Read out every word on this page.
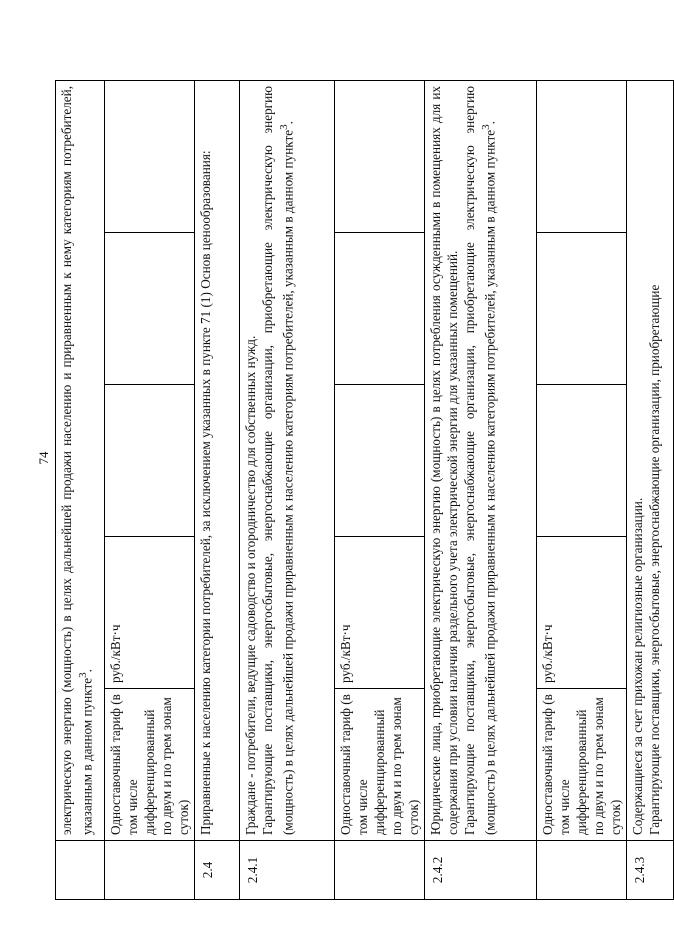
74
	электрическую энергию (мощность) в целях дальнейшей продажи населению и приравненным к нему категориям потребителей, указанным в данном пункте$^3$.				
	Одноставочный тариф (в том числе дифференцированный по двум и по трем зонам суток)	руб./кВт·ч			
2.4	Приравненные к населению категории потребителей, за исключением указанных в пункте 71 (1) Основ ценообразования:				
2.4.1	Граждане - потребители, ведущие садоводство и огородничество для собственных нужд. Гарантирующие поставщики, энергосбытовые, энергоснабжающие организации, приобретающие электрическую энергию (мощность) в целях дальнейшей продажи приравненным к населению категориям потребителей, указанным в данном пункте$^3$.				

	Одноставочный тариф (в том числе дифференцированный по двум и по трем зонам суток)	руб./кВт·ч			
2.4.2	Юридические лица, приобретающие электрическую энергию (мощность) в целях потребления осужденными в помещениях для их содержания при условии наличия раздельного учета электрической энергии для указанных помещений. Гарантирующие поставщики, энергосбытовые, энергоснабжающие организации, приобретающие электрическую энергию (мощность) в целях дальнейшей продажи приравненным к населению категориям потребителей, указанным в данном пункте$^3$.				

	Одноставочный тариф (в том числе дифференцированный по двум и по трем зонам суток)	руб./кВт·ч			
2.4.3	Содержащиеся за счет прихожан религиозные организации. Гарантирующие поставщики, энергосбытовые, энергоснабжающие организации, приобретающие				
